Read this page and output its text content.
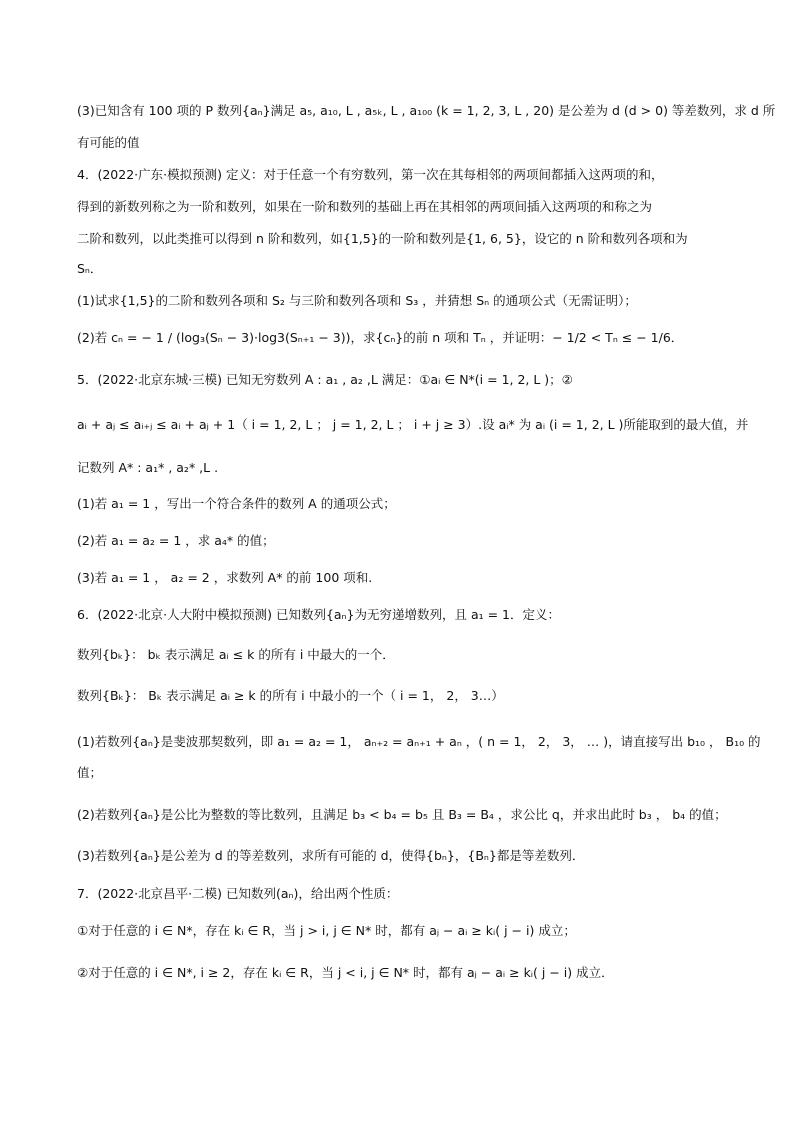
(3)已知含有 100 项的 P 数列{aₙ}满足 a₅, a₁₀, L , a₅ₖ, L , a₁₀₀ (k = 1, 2, 3, L , 20) 是公差为 d (d > 0) 等差数列，求 d 所
有可能的值
4．(2022·广东·模拟预测) 定义：对于任意一个有穷数列，第一次在其每相邻的两项间都插入这两项的和，
得到的新数列称之为一阶和数列，如果在一阶和数列的基础上再在其相邻的两项间插入这两项的和称之为
二阶和数列，以此类推可以得到 n 阶和数列，如{1,5}的一阶和数列是{1, 6, 5}，设它的 n 阶和数列各项和为
Sₙ．
(1)试求{1,5}的二阶和数列各项和 S₂ 与三阶和数列各项和 S₃ ，并猜想 Sₙ 的通项公式（无需证明）；
(2)若 cₙ = − 1 / (log₃(Sₙ − 3)·log3(Sₙ₊₁ − 3))，求{cₙ}的前 n 项和 Tₙ ，并证明：− 1/2 < Tₙ ≤ − 1/6．
5．(2022·北京东城·三模) 已知无穷数列 A : a₁ , a₂ ,L 满足：①aᵢ ∈ N*(i = 1, 2, L )；②
aᵢ + aⱼ ≤ aᵢ₊ⱼ ≤ aᵢ + aⱼ + 1（ i = 1, 2, L ； j = 1, 2, L ； i + j ≥ 3）.设 aᵢ* 为 aᵢ (i = 1, 2, L )所能取到的最大值，并
记数列 A* : a₁* , a₂* ,L .
(1)若 a₁ = 1 ，写出一个符合条件的数列 A 的通项公式；
(2)若 a₁ = a₂ = 1 ，求 a₄* 的值；
(3)若 a₁ = 1 ， a₂ = 2 ，求数列 A* 的前 100 项和.
6．(2022·北京·人大附中模拟预测) 已知数列{aₙ}为无穷递增数列，且 a₁ = 1．定义：
数列{bₖ}： bₖ 表示满足 aᵢ ≤ k 的所有 i 中最大的一个．
数列{Bₖ}： Bₖ 表示满足 aᵢ ≥ k 的所有 i 中最小的一个（ i = 1， 2， 3…）
(1)若数列{aₙ}是斐波那契数列，即 a₁ = a₂ = 1， aₙ₊₂ = aₙ₊₁ + aₙ ，( n = 1， 2， 3， … )，请直接写出 b₁₀ ， B₁₀ 的
值；
(2)若数列{aₙ}是公比为整数的等比数列，且满足 b₃ < b₄ = b₅ 且 B₃ = B₄ ，求公比 q，并求出此时 b₃ ， b₄ 的值；
(3)若数列{aₙ}是公差为 d 的等差数列，求所有可能的 d，使得{bₙ}，{Bₙ}都是等差数列．
7．(2022·北京昌平·二模) 已知数列(aₙ)，给出两个性质：
①对于任意的 i ∈ N*，存在 kᵢ ∈ R，当 j > i, j ∈ N* 时，都有 aⱼ − aᵢ ≥ kᵢ( j − i) 成立；
②对于任意的 i ∈ N*, i ≥ 2，存在 kᵢ ∈ R，当 j < i, j ∈ N* 时，都有 aⱼ − aᵢ ≥ kᵢ( j − i) 成立．
